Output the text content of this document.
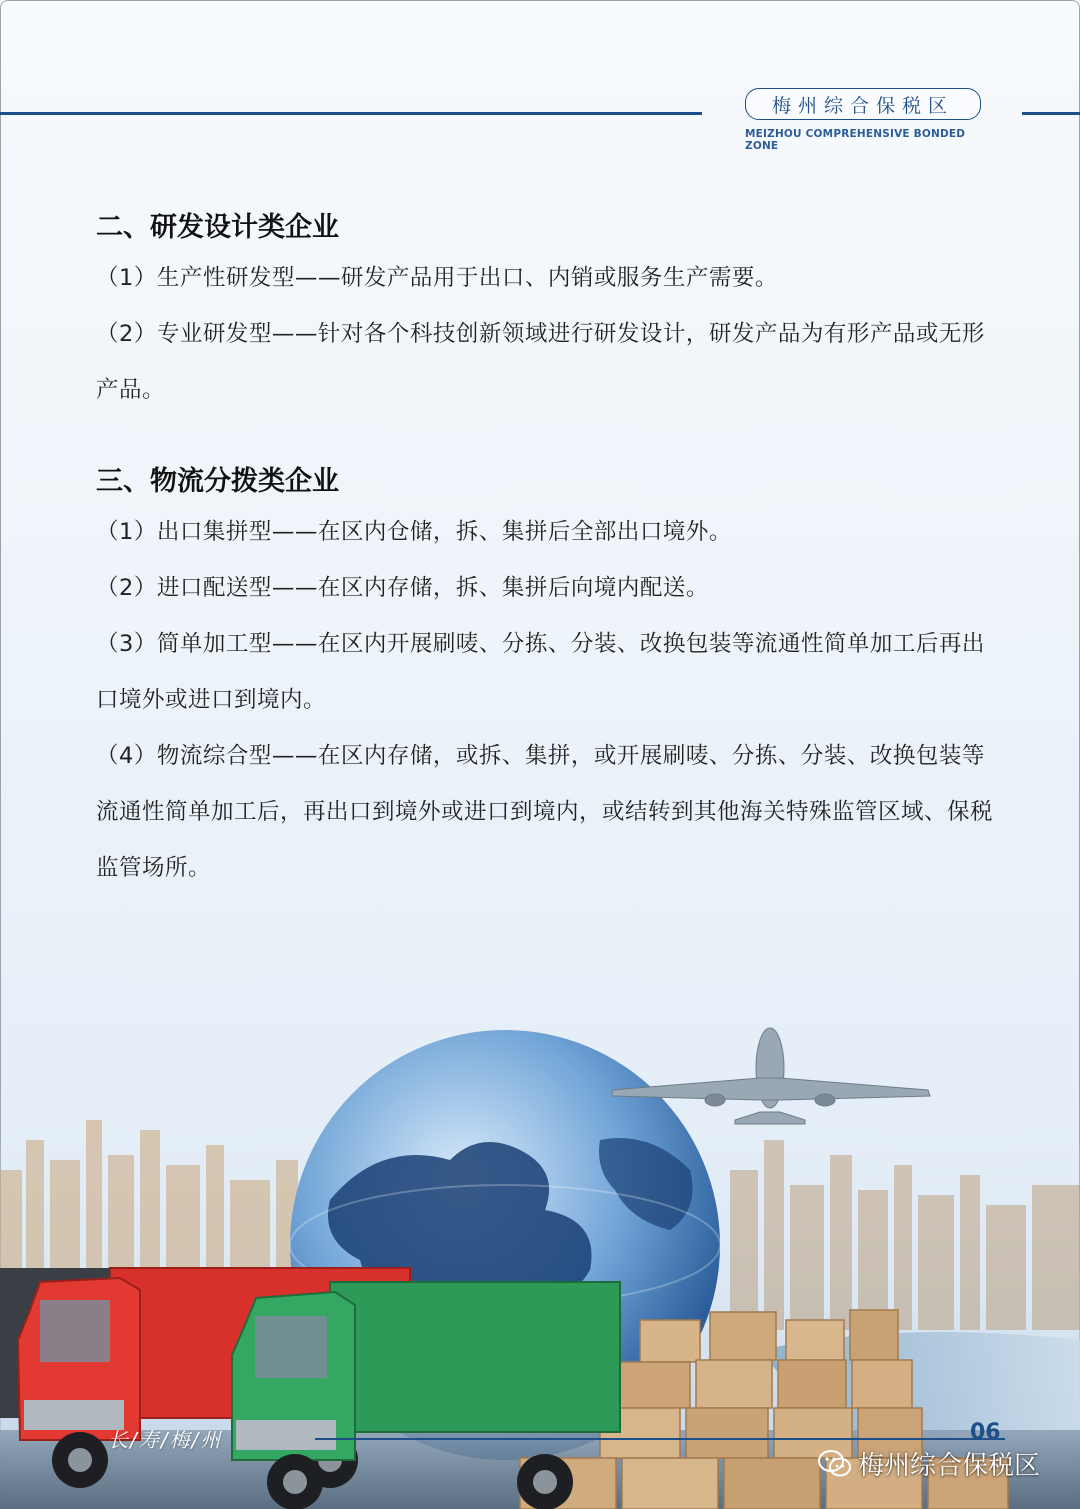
梅州综合保税区
MEIZHOU COMPREHENSIVE BONDED ZONE
二、研发设计类企业

（1）生产性研发型——研发产品用于出口、内销或服务生产需要。

（2）专业研发型——针对各个科技创新领域进行研发设计，研发产品为有形产品或无形产品。

三、物流分拨类企业

（1）出口集拼型——在区内仓储，拆、集拼后全部出口境外。

（2）进口配送型——在区内存储，拆、集拼后向境内配送。

（3）简单加工型——在区内开展刷唛、分拣、分装、改换包装等流通性简单加工后再出口境外或进口到境内。

（4）物流综合型——在区内存储，或拆、集拼，或开展刷唛、分拣、分装、改换包装等流通性简单加工后，再出口到境外或进口到境内，或结转到其他海关特殊监管区域、保税监管场所。

长/寿/梅/州	06
梅州综合保税区
